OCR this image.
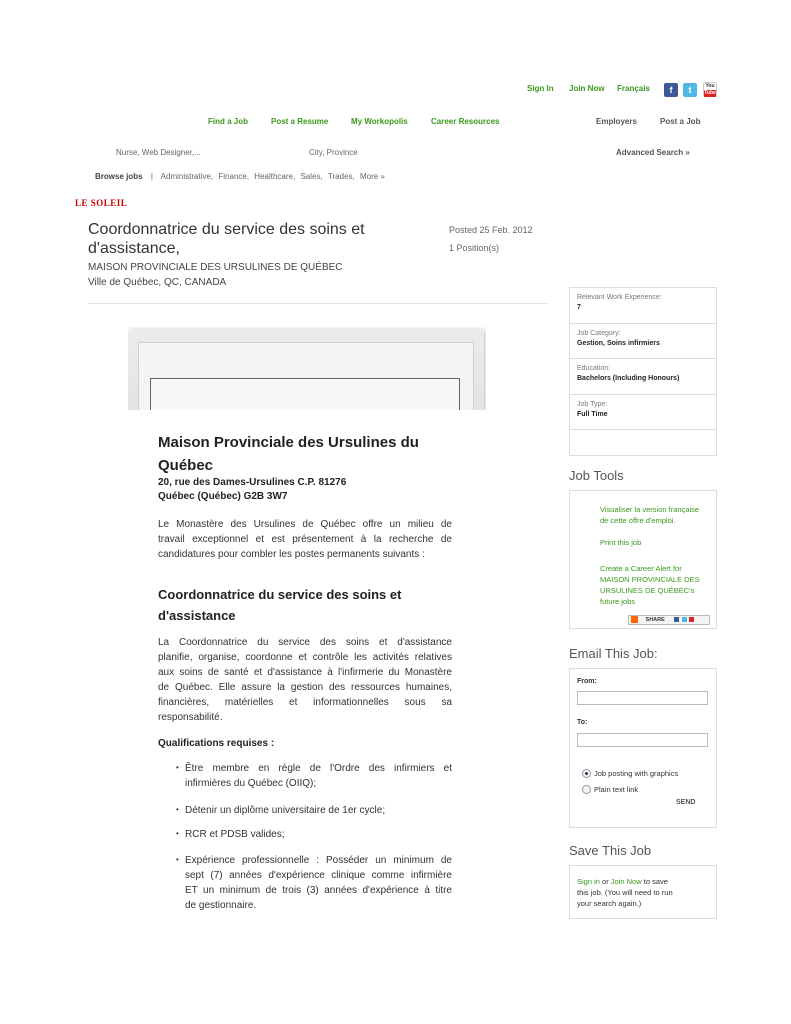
Sign In Join Now Français	f	t	You
Tube
Find a Job	Post a Resume	My Workopolis	Career Resources	Employers	Post a Job
Nurse, Web Designer,...	City, Province	Advanced Search »
Browse jobs | Administrative, Finance, Healthcare, Sales, Trades, More »
LE SOLEIL
Coordonnatrice du service des soins et
d'assistance,
MAISON PROVINCIALE DES URSULINES DE QUÉBEC
Ville de Québec, QC, CANADA
Posted 25 Feb. 2012
1 Position(s)
Relevant Work Experience:
7
Job Category:
Gestion, Soins infirmiers
Education:
Bachelors (Including Honours)
Job Type:
Full Time
Job Tools
Visualiser la version française
de cette offre d'emploi.
Print this job
Create a Career Alert for
MAISON PROVINCIALE DES
URSULINES DE QUÉBEC's
future jobs
SHARE
Email This Job:
From:
To:
Job posting with graphics
Plain text link
SEND
Save This Job
Sign in or Join Now to save
this job. (You will need to run
your search again.)
Maison Provinciale des Ursulines du
Québec
20, rue des Dames-Ursulines C.P. 81276
Québec (Québec) G2B 3W7
Le Monastère des Ursulines de Québec offre un milieu de
travail exceptionnel et est présentement à la recherche de
candidatures pour combler les postes permanents suivants :
Coordonnatrice du service des soins et
d'assistance
La Coordonnatrice du service des soins et d'assistance
planifie, organise, coordonne et contrôle les activités relatives
aux soins de santé et d'assistance à l'infirmerie du Monastère
de Québec. Elle assure la gestion des ressources humaines,
financières, matérielles et informationnelles sous sa
responsabilité.
Qualifications requises :
• Être membre en règle de l'Ordre des infirmiers et
infirmières du Québec (OIIQ);
• Détenir un diplôme universitaire de 1er cycle;
• RCR et PDSB valides;
• Expérience professionnelle : Posséder un minimum de
sept (7) années d'expérience clinique comme infirmière
ET un minimum de trois (3) années d'expérience à titre
de gestionnaire.
